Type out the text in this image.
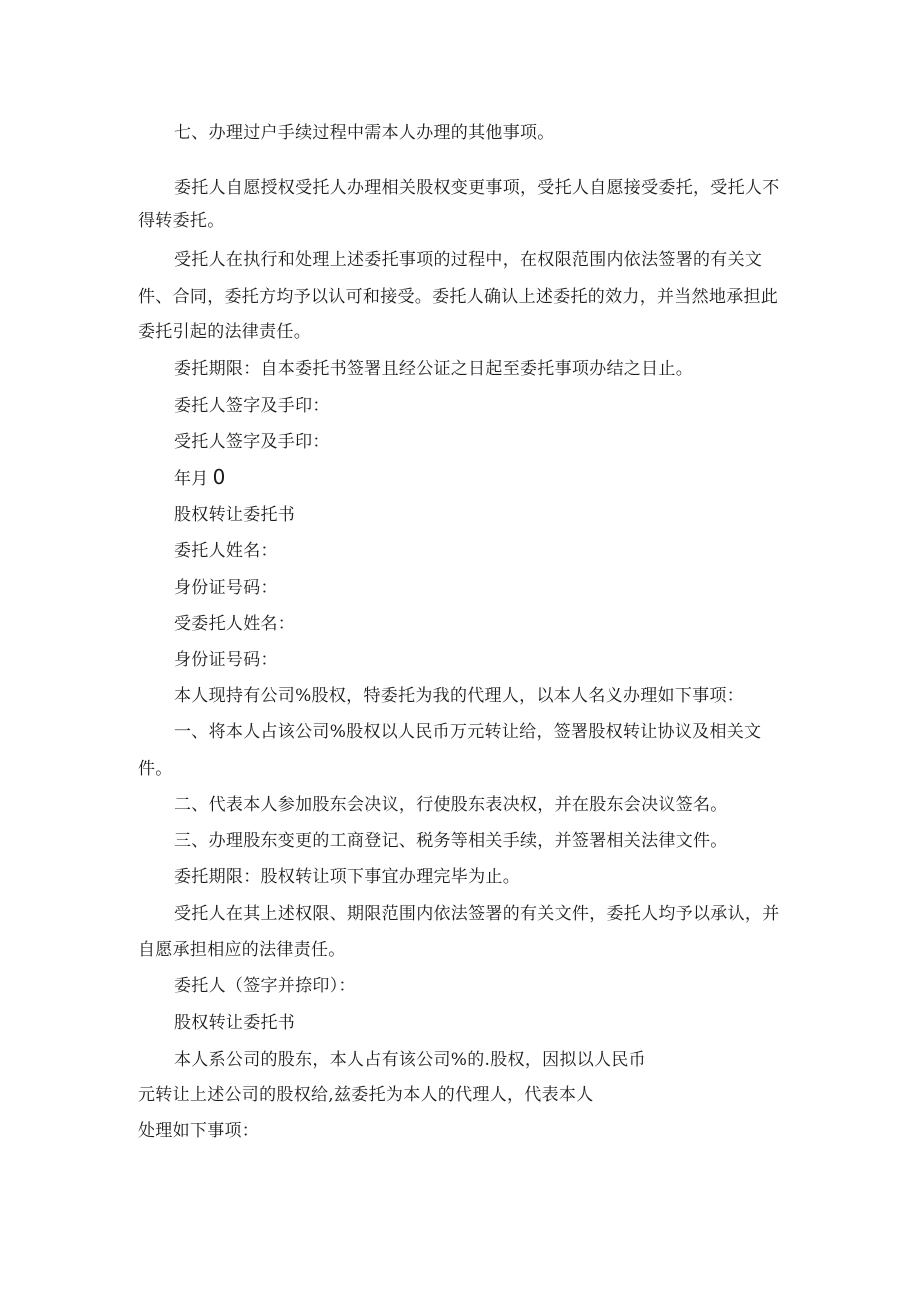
七、办理过户手续过程中需本人办理的其他事项。
委托人自愿授权受托人办理相关股权变更事项，受托人自愿接受委托，受托人不
得转委托。
受托人在执行和处理上述委托事项的过程中，在权限范围内依法签署的有关文
件、合同，委托方均予以认可和接受。委托人确认上述委托的效力，并当然地承担此
委托引起的法律责任。
委托期限：自本委托书签署且经公证之日起至委托事项办结之日止。
委托人签字及手印：
受托人签字及手印：
年月 0
股权转让委托书
委托人姓名：
身份证号码：
受委托人姓名：
身份证号码：
本人现持有公司%股权，特委托为我的代理人，以本人名义办理如下事项：
一、将本人占该公司%股权以人民币万元转让给，签署股权转让协议及相关文
件。
二、代表本人参加股东会决议，行使股东表决权，并在股东会决议签名。
三、办理股东变更的工商登记、税务等相关手续，并签署相关法律文件。
委托期限：股权转让项下事宜办理完毕为止。
受托人在其上述权限、期限范围内依法签署的有关文件，委托人均予以承认，并
自愿承担相应的法律责任。
委托人（签字并捺印）：
股权转让委托书
本人系公司的股东，本人占有该公司%的.股权，因拟以人民币
元转让上述公司的股权给,兹委托为本人的代理人，代表本人
处理如下事项：
